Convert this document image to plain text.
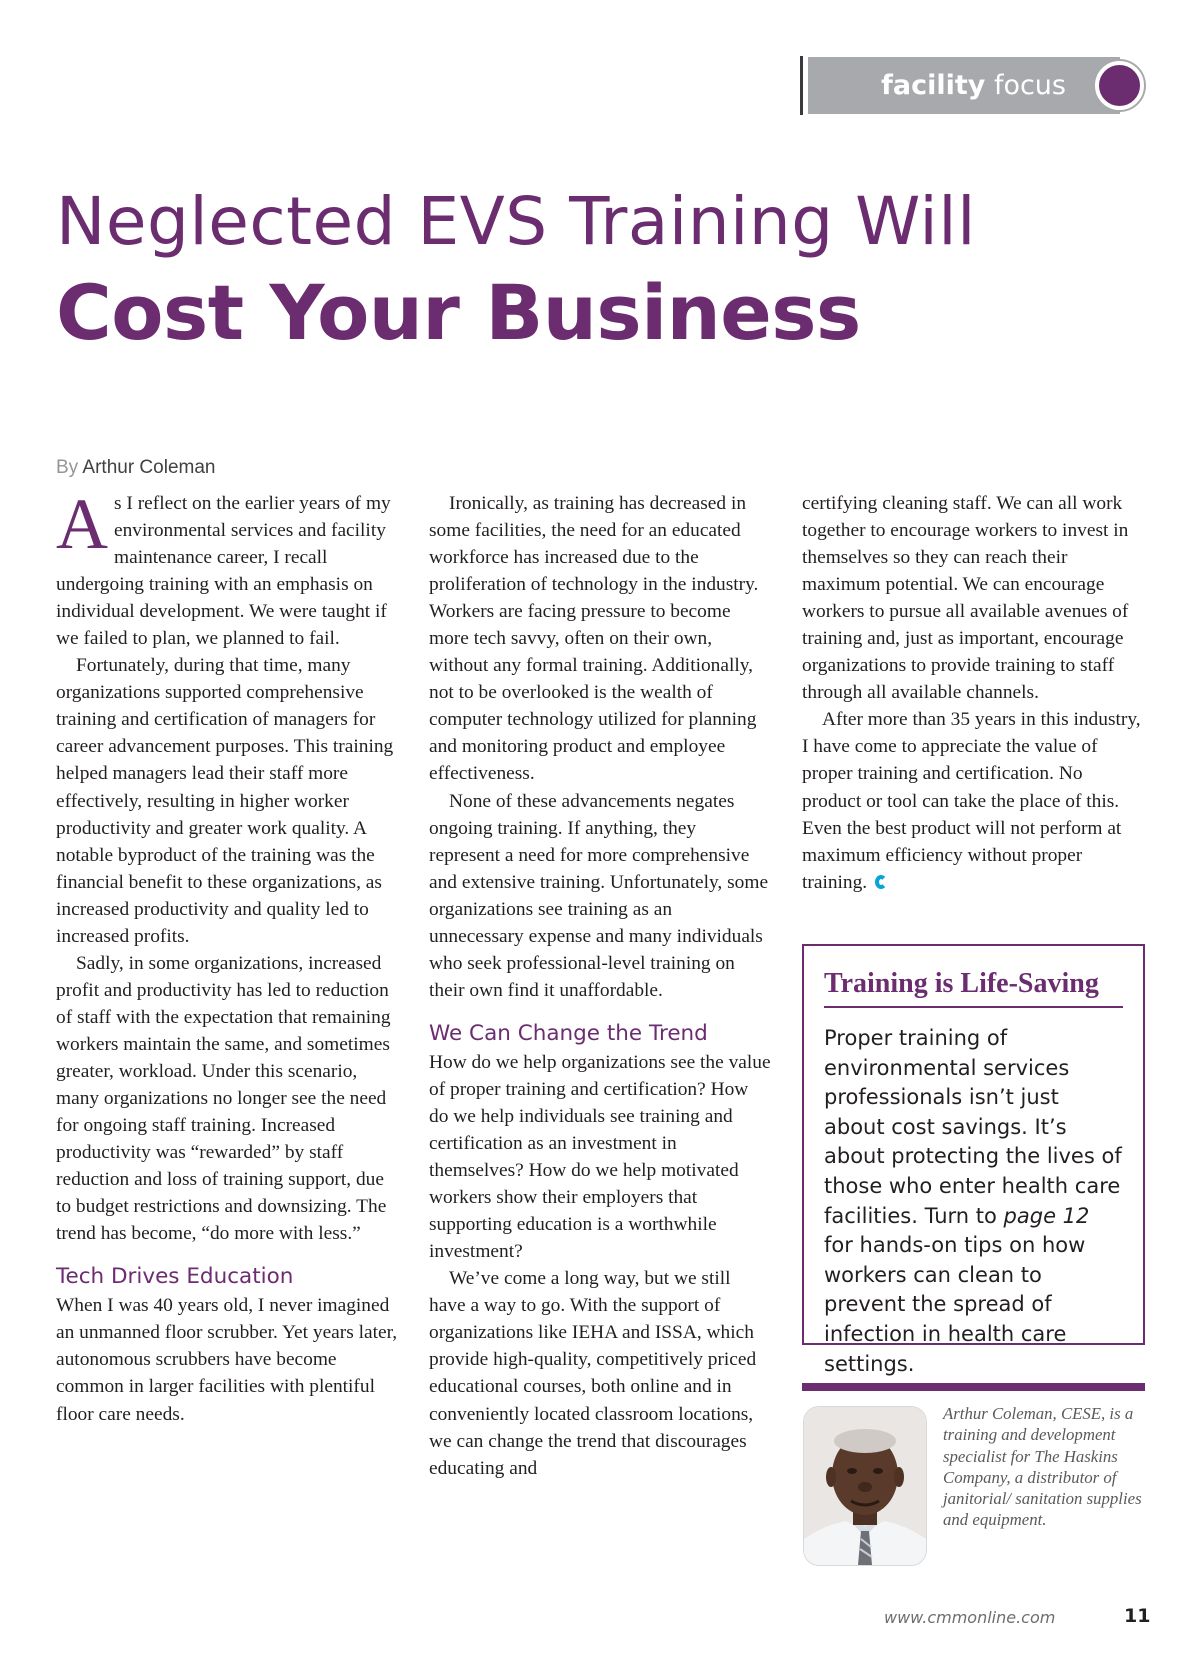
facility focus
Neglected EVS Training Will
Cost Your Business
By Arthur Coleman

As I reflect on the earlier years of my environmental services and facility maintenance career, I recall undergoing training with an emphasis on individual development. We were taught if we failed to plan, we planned to fail.

Fortunately, during that time, many organizations supported comprehensive training and certification of managers for career advancement purposes. This training helped managers lead their staff more effectively, resulting in higher worker productivity and greater work quality. A notable byproduct of the training was the financial benefit to these organizations, as increased productivity and quality led to increased profits.

Sadly, in some organizations, increased profit and productivity has led to reduction of staff with the expectation that remaining workers maintain the same, and sometimes greater, workload. Under this scenario, many organizations no longer see the need for ongoing staff training. Increased productivity was “rewarded” by staff reduction and loss of training support, due to budget restrictions and downsizing. The trend has become, “do more with less.”

Tech Drives Education

When I was 40 years old, I never imagined an unmanned floor scrubber. Yet years later, autonomous scrubbers have become common in larger facilities with plentiful floor care needs.

Ironically, as training has decreased in some facilities, the need for an educated workforce has increased due to the proliferation of technology in the industry. Workers are facing pressure to become more tech savvy, often on their own, without any formal training. Additionally, not to be overlooked is the wealth of computer technology utilized for planning and monitoring product and employee effectiveness.

None of these advancements negates ongoing training. If anything, they represent a need for more comprehensive and extensive training. Unfortunately, some organizations see training as an unnecessary expense and many individuals who seek professional-level training on their own find it unaffordable.

We Can Change the Trend

How do we help organizations see the value of proper training and certification? How do we help individuals see training and certification as an investment in themselves? How do we help motivated workers show their employers that supporting education is a worthwhile investment?

We’ve come a long way, but we still have a way to go. With the support of organizations like IEHA and ISSA, which provide high-quality, competitively priced educational courses, both online and in conveniently located classroom locations, we can change the trend that discourages educating and

certifying cleaning staff. We can all work together to encourage workers to invest in themselves so they can reach their maximum potential. We can encourage workers to pursue all available avenues of training and, just as important, encourage organizations to provide training to staff through all available channels.

After more than 35 years in this industry, I have come to appreciate the value of proper training and certification. No product or tool can take the place of this. Even the best product will not perform at maximum efficiency without proper training.

Training is Life-Saving
Proper training of environmental services professionals isn’t just about cost savings. It’s about protecting the lives of those who enter health care facilities. Turn to page 12 for hands-on tips on how workers can clean to prevent the spread of infection in health care settings.
Arthur Coleman, CESE, is a training and development specialist for The Haskins Company, a distributor of janitorial/ sanitation supplies and equipment.
www.cmmonline.com	11
